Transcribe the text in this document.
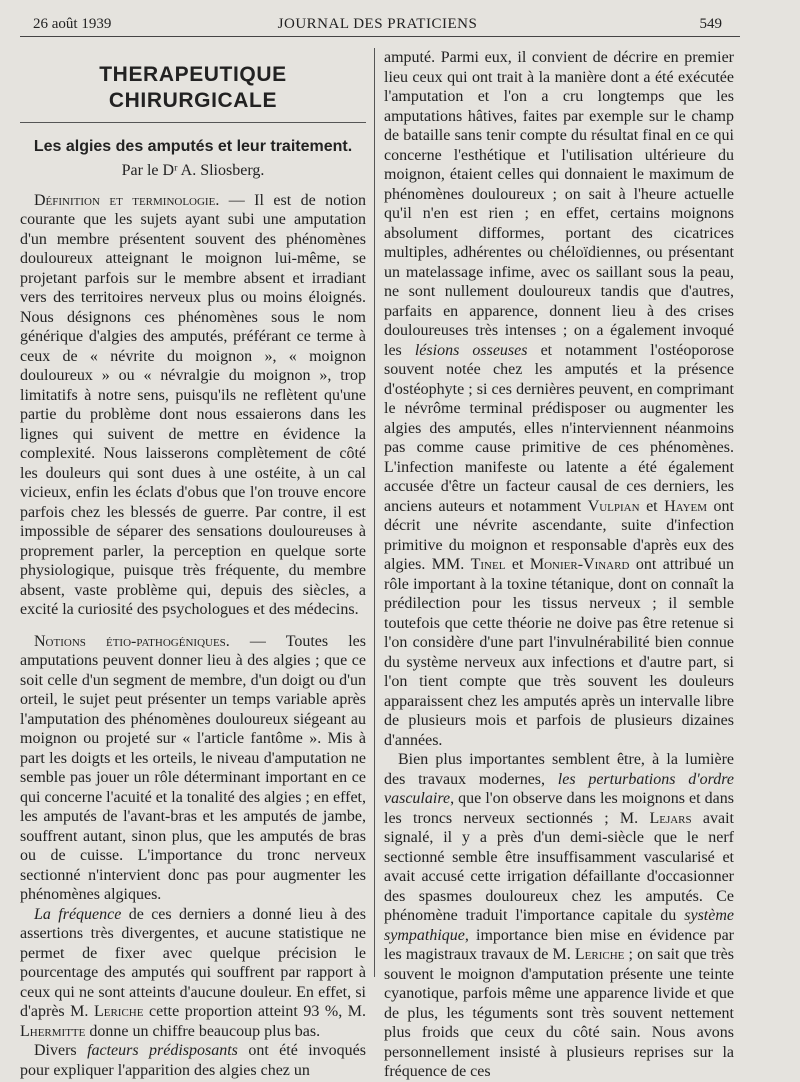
26 août 1939	JOURNAL DES PRATICIENS	549
THERAPEUTIQUE CHIRURGICALE
Les algies des amputés et leur traitement.
Par le Dʳ A. Sliosberg.

Définition et terminologie. — Il est de notion courante que les sujets ayant subi une amputation d'un membre présentent souvent des phénomènes douloureux atteignant le moignon lui-même, se projetant parfois sur le membre absent et irradiant vers des territoires nerveux plus ou moins éloignés. Nous désignons ces phénomènes sous le nom générique d'algies des amputés, préférant ce terme à ceux de « névrite du moignon », « moignon douloureux » ou « névralgie du moignon », trop limitatifs à notre sens, puisqu'ils ne reflètent qu'une partie du problème dont nous essaierons dans les lignes qui suivent de mettre en évidence la complexité. Nous laisserons complètement de côté les douleurs qui sont dues à une ostéite, à un cal vicieux, enfin les éclats d'obus que l'on trouve encore parfois chez les blessés de guerre. Par contre, il est impossible de séparer des sensations douloureuses à proprement parler, la perception en quelque sorte physiologique, puisque très fréquente, du membre absent, vaste problème qui, depuis des siècles, a excité la curiosité des psychologues et des médecins.

Notions étio-pathogéniques. — Toutes les amputations peuvent donner lieu à des algies ; que ce soit celle d'un segment de membre, d'un doigt ou d'un orteil, le sujet peut présenter un temps variable après l'amputation des phénomènes douloureux siégeant au moignon ou projeté sur « l'article fantôme ». Mis à part les doigts et les orteils, le niveau d'amputation ne semble pas jouer un rôle déterminant important en ce qui concerne l'acuité et la tonalité des algies ; en effet, les amputés de l'avant-bras et les amputés de jambe, souffrent autant, sinon plus, que les amputés de bras ou de cuisse. L'importance du tronc nerveux sectionné n'intervient donc pas pour augmenter les phénomènes algiques.

La fréquence de ces derniers a donné lieu à des assertions très divergentes, et aucune statistique ne permet de fixer avec quelque précision le pourcentage des amputés qui souffrent par rapport à ceux qui ne sont atteints d'aucune douleur. En effet, si d'après M. Leriche cette proportion atteint 93 %, M. Lhermitte donne un chiffre beaucoup plus bas.

Divers facteurs prédisposants ont été invoqués pour expliquer l'apparition des algies chez un

amputé. Parmi eux, il convient de décrire en premier lieu ceux qui ont trait à la manière dont a été exécutée l'amputation et l'on a cru longtemps que les amputations hâtives, faites par exemple sur le champ de bataille sans tenir compte du résultat final en ce qui concerne l'esthétique et l'utilisation ultérieure du moignon, étaient celles qui donnaient le maximum de phénomènes douloureux ; on sait à l'heure actuelle qu'il n'en est rien ; en effet, certains moignons absolument difformes, portant des cicatrices multiples, adhérentes ou chéloïdiennes, ou présentant un matelassage infime, avec os saillant sous la peau, ne sont nullement douloureux tandis que d'autres, parfaits en apparence, donnent lieu à des crises douloureuses très intenses ; on a également invoqué les lésions osseuses et notamment l'ostéoporose souvent notée chez les amputés et la présence d'ostéophyte ; si ces dernières peuvent, en comprimant le névrôme terminal prédisposer ou augmenter les algies des amputés, elles n'interviennent néanmoins pas comme cause primitive de ces phénomènes. L'infection manifeste ou latente a été également accusée d'être un facteur causal de ces derniers, les anciens auteurs et notamment Vulpian et Hayem ont décrit une névrite ascendante, suite d'infection primitive du moignon et responsable d'après eux des algies. MM. Tinel et Monier-Vinard ont attribué un rôle important à la toxine tétanique, dont on connaît la prédilection pour les tissus nerveux ; il semble toutefois que cette théorie ne doive pas être retenue si l'on considère d'une part l'invulnérabilité bien connue du système nerveux aux infections et d'autre part, si l'on tient compte que très souvent les douleurs apparaissent chez les amputés après un intervalle libre de plusieurs mois et parfois de plusieurs dizaines d'années.

Bien plus importantes semblent être, à la lumière des travaux modernes, les perturbations d'ordre vasculaire, que l'on observe dans les moignons et dans les troncs nerveux sectionnés ; M. Lejars avait signalé, il y a près d'un demi-siècle que le nerf sectionné semble être insuffisamment vascularisé et avait accusé cette irrigation défaillante d'occasionner des spasmes douloureux chez les amputés. Ce phénomène traduit l'importance capitale du système sympathique, importance bien mise en évidence par les magistraux travaux de M. Leriche ; on sait que très souvent le moignon d'amputation présente une teinte cyanotique, parfois même une apparence livide et que de plus, les téguments sont très souvent nettement plus froids que ceux du côté sain. Nous avons personnellement insisté à plusieurs reprises sur la fréquence de ces
